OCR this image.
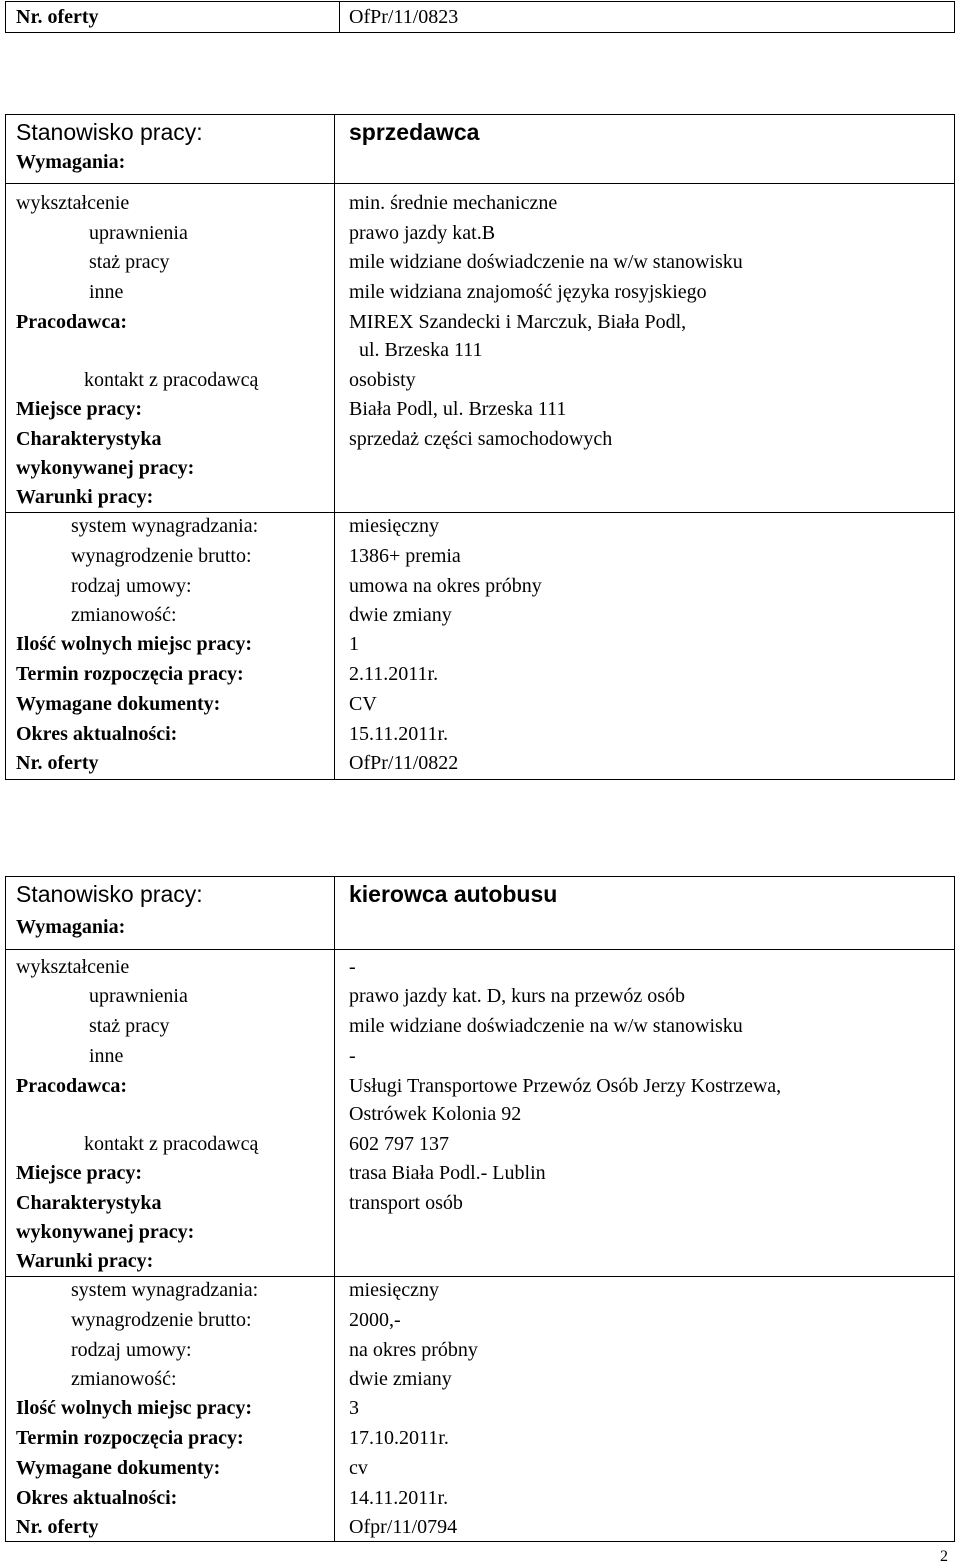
Nr. oferty	OfPr/11/0823
Stanowisko pracy:	sprzedawca
Wymagania:
wykształcenie	min. średnie mechaniczne
uprawnienia	prawo jazdy kat.B
staż pracy	mile widziane doświadczenie na w/w stanowisku
inne	mile widziana znajomość języka rosyjskiego
Pracodawca:	MIREX Szandecki i Marczuk, Biała Podl,
ul. Brzeska 111
kontakt z pracodawcą	osobisty
Miejsce pracy:	Biała Podl, ul. Brzeska 111
Charakterystyka	sprzedaż części samochodowych
wykonywanej pracy:
Warunki pracy:
system wynagradzania:	miesięczny
wynagrodzenie brutto:	1386+ premia
rodzaj umowy:	umowa na okres próbny
zmianowość:	dwie zmiany
Ilość wolnych miejsc pracy:	1
Termin rozpoczęcia pracy:	2.11.2011r.
Wymagane dokumenty:	CV
Okres aktualności:	15.11.2011r.
Nr. oferty	OfPr/11/0822
Stanowisko pracy:	kierowca autobusu
Wymagania:
wykształcenie	-
uprawnienia	prawo jazdy kat. D, kurs na przewóz osób
staż pracy	mile widziane doświadczenie na w/w stanowisku
inne	-
Pracodawca:	Usługi Transportowe Przewóz Osób Jerzy Kostrzewa,
Ostrówek Kolonia 92
kontakt z pracodawcą	602 797 137
Miejsce pracy:	trasa Biała Podl.- Lublin
Charakterystyka	transport osób
wykonywanej pracy:
Warunki pracy:
system wynagradzania:	miesięczny
wynagrodzenie brutto:	2000,-
rodzaj umowy:	na okres próbny
zmianowość:	dwie zmiany
Ilość wolnych miejsc pracy:	3
Termin rozpoczęcia pracy:	17.10.2011r.
Wymagane dokumenty:	cv
Okres aktualności:	14.11.2011r.
Nr. oferty	Ofpr/11/0794
2
